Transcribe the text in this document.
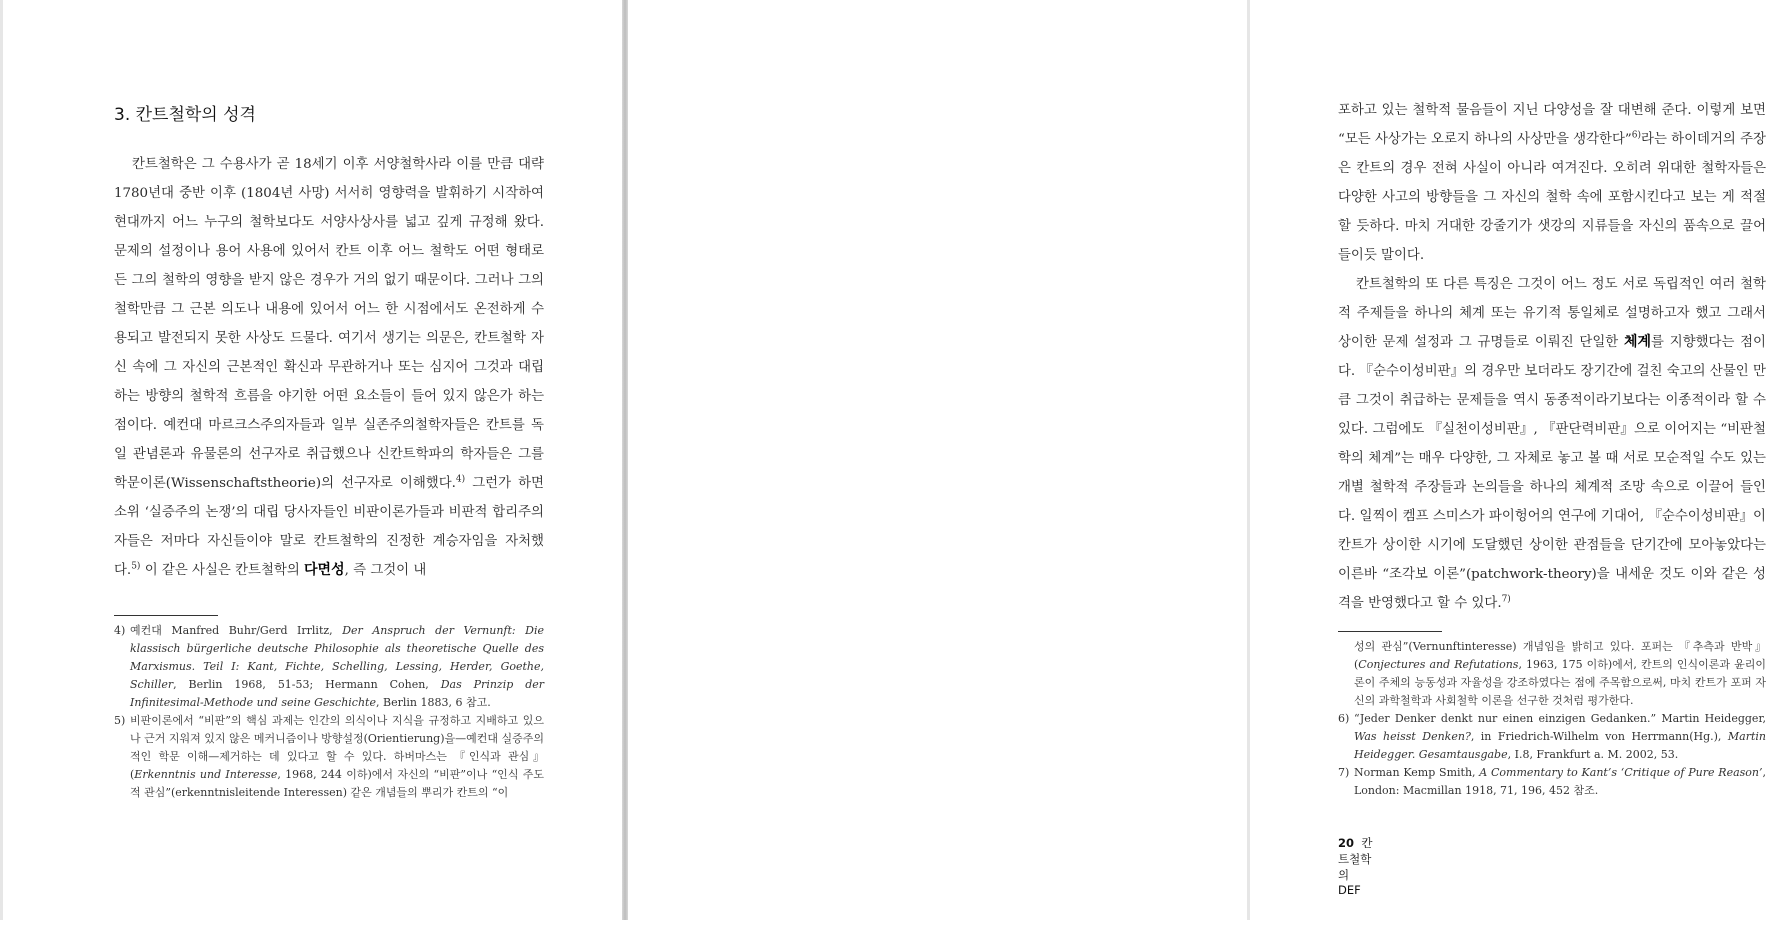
3. 칸트철학의 성격

칸트철학은 그 수용사가 곧 18세기 이후 서양철학사라 이를 만큼 대략 1780년대 중반 이후 (1804년 사망) 서서히 영향력을 발휘하기 시작하여 현대까지 어느 누구의 철학보다도 서양사상사를 넓고 깊게 규정해 왔다. 문제의 설정이나 용어 사용에 있어서 칸트 이후 어느 철학도 어떤 형태로든 그의 철학의 영향을 받지 않은 경우가 거의 없기 때문이다. 그러나 그의 철학만큼 그 근본 의도나 내용에 있어서 어느 한 시점에서도 온전하게 수용되고 발전되지 못한 사상도 드물다. 여기서 생기는 의문은, 칸트철학 자신 속에 그 자신의 근본적인 확신과 무관하거나 또는 심지어 그것과 대립하는 방향의 철학적 흐름을 야기한 어떤 요소들이 들어 있지 않은가 하는 점이다. 예컨대 마르크스주의자들과 일부 실존주의철학자들은 칸트를 독일 관념론과 유물론의 선구자로 취급했으나 신칸트학파의 학자들은 그를 학문이론(Wissenschaftstheorie)의 선구자로 이해했다.$^{4)}$ 그런가 하면 소위 ‘실증주의 논쟁’의 대립 당사자들인 비판이론가들과 비판적 합리주의자들은 저마다 자신들이야 말로 칸트철학의 진정한 계승자임을 자처했다.$^{5)}$ 이 같은 사실은 칸트철학의 다면성, 즉 그것이 내

4) 예컨대 Manfred Buhr/Gerd Irrlitz, Der Anspruch der Vernunft: Die klassisch bürgerliche deutsche Philosophie als theoretische Quelle des Marxismus. Teil I: Kant, Fichte, Schelling, Lessing, Herder, Goethe, Schiller, Berlin 1968, 51-53; Hermann Cohen, Das Prinzip der Infinitesimal-Methode und seine Geschichte, Berlin 1883, 6 참고.

5) 비판이론에서 “비판”의 핵심 과제는 인간의 의식이나 지식을 규정하고 지배하고 있으나 근거 지워져 있지 않은 메커니즘이나 방향설정(Orientierung)을—예컨대 실증주의적인 학문 이해—제거하는 데 있다고 할 수 있다. 하버마스는 『인식과 관심』(Erkenntnis und Interesse, 1968, 244 이하)에서 자신의 “비판”이나 “인식 주도적 관심”(erkenntnisleitende Interessen) 같은 개념들의 뿌리가 칸트의 “이

포하고 있는 철학적 물음들이 지닌 다양성을 잘 대변해 준다. 이렇게 보면 “모든 사상가는 오로지 하나의 사상만을 생각한다”$^{6)}$라는 하이데거의 주장은 칸트의 경우 전혀 사실이 아니라 여겨진다. 오히려 위대한 철학자들은 다양한 사고의 방향들을 그 자신의 철학 속에 포함시킨다고 보는 게 적절할 듯하다. 마치 거대한 강줄기가 샛강의 지류들을 자신의 품속으로 끌어들이듯 말이다.

칸트철학의 또 다른 특징은 그것이 어느 정도 서로 독립적인 여러 철학적 주제들을 하나의 체계 또는 유기적 통일체로 설명하고자 했고 그래서 상이한 문제 설정과 그 규명들로 이뤄진 단일한 체계를 지향했다는 점이다. 『순수이성비판』의 경우만 보더라도 장기간에 걸친 숙고의 산물인 만큼 그것이 취급하는 문제들을 역시 동종적이라기보다는 이종적이라 할 수 있다. 그럼에도 『실천이성비판』, 『판단력비판』으로 이어지는 “비판철학의 체계”는 매우 다양한, 그 자체로 놓고 볼 때 서로 모순적일 수도 있는 개별 철학적 주장들과 논의들을 하나의 체계적 조망 속으로 이끌어 들인다. 일찍이 켐프 스미스가 파이헝어의 연구에 기대어, 『순수이성비판』이 칸트가 상이한 시기에 도달했던 상이한 관점들을 단기간에 모아놓았다는 이른바 “조각보 이론”(patchwork-theory)을 내세운 것도 이와 같은 성격을 반영했다고 할 수 있다.$^{7)}$

성의 관심”(Vernunftinteresse) 개념임을 밝히고 있다. 포퍼는 『추측과 반박』(Conjectures and Refutations, 1963, 175 이하)에서, 칸트의 인식이론과 윤리이론이 주체의 능동성과 자율성을 강조하였다는 점에 주목함으로써, 마치 칸트가 포퍼 자신의 과학철학과 사회철학 이론을 선구한 것처럼 평가한다.

6) “Jeder Denker denkt nur einen einzigen Gedanken.” Martin Heidegger, Was heisst Denken?, in Friedrich-Wilhelm von Herrmann(Hg.), Martin Heidegger. Gesamtausgabe, I.8, Frankfurt a. M. 2002, 53.

7) Norman Kemp Smith, A Commentary to Kant’s ‘Critique of Pure Reason’, London: Macmillan 1918, 71, 196, 452 참조.

20 칸트철학의 DEF
